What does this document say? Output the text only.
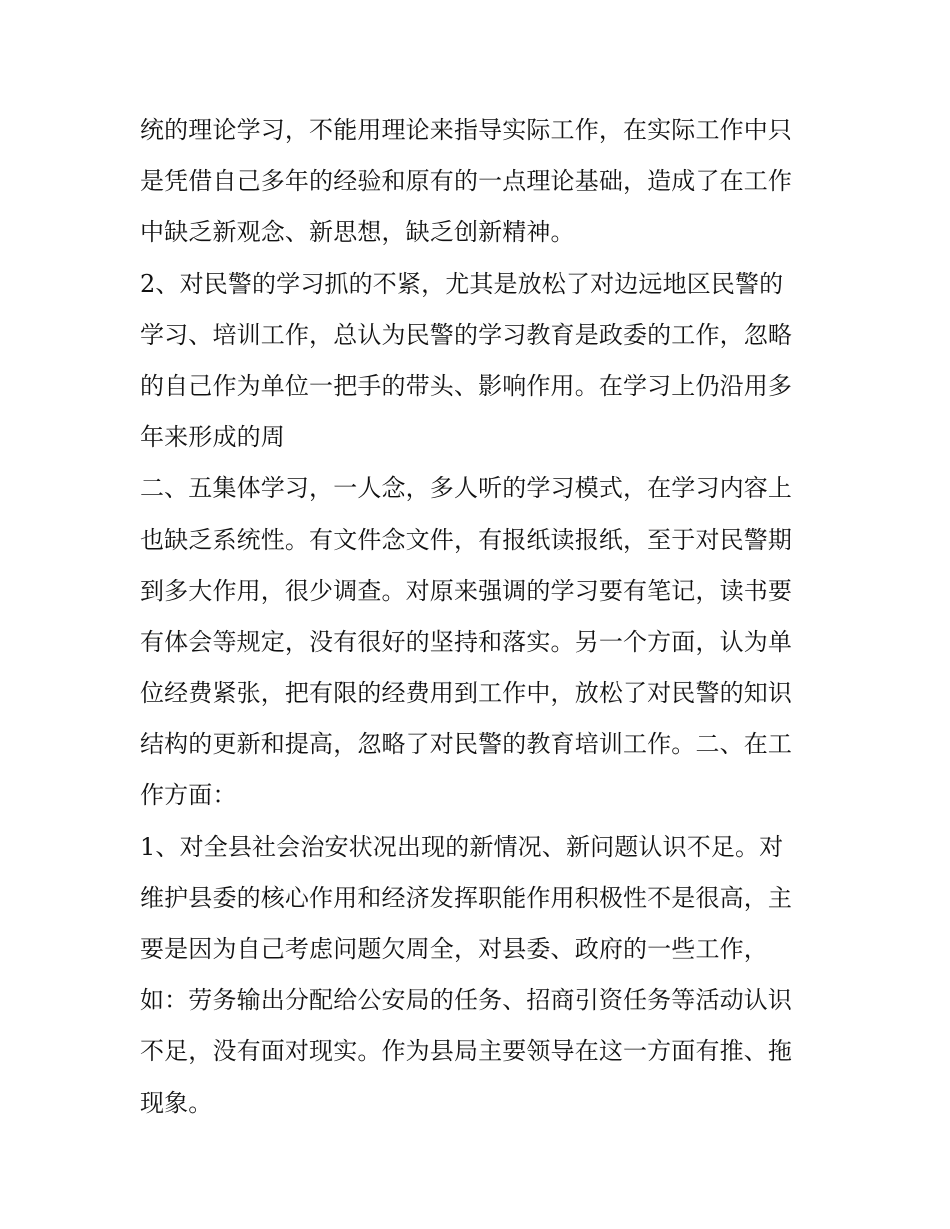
统的理论学习，不能用理论来指导实际工作，在实际工作中只
是凭借自己多年的经验和原有的一点理论基础，造成了在工作
中缺乏新观念、新思想，缺乏创新精神。
2、对民警的学习抓的不紧，尤其是放松了对边远地区民警的
学习、培训工作，总认为民警的学习教育是政委的工作，忽略
的自己作为单位一把手的带头、影响作用。在学习上仍沿用多
年来形成的周
二、五集体学习，一人念，多人听的学习模式，在学习内容上
也缺乏系统性。有文件念文件，有报纸读报纸，至于对民警期
到多大作用，很少调查。对原来强调的学习要有笔记，读书要
有体会等规定，没有很好的坚持和落实。另一个方面，认为单
位经费紧张，把有限的经费用到工作中，放松了对民警的知识
结构的更新和提高，忽略了对民警的教育培训工作。二、在工
作方面：
1、对全县社会治安状况出现的新情况、新问题认识不足。对
维护县委的核心作用和经济发挥职能作用积极性不是很高，主
要是因为自己考虑问题欠周全，对县委、政府的一些工作，
如：劳务输出分配给公安局的任务、招商引资任务等活动认识
不足，没有面对现实。作为县局主要领导在这一方面有推、拖
现象。
